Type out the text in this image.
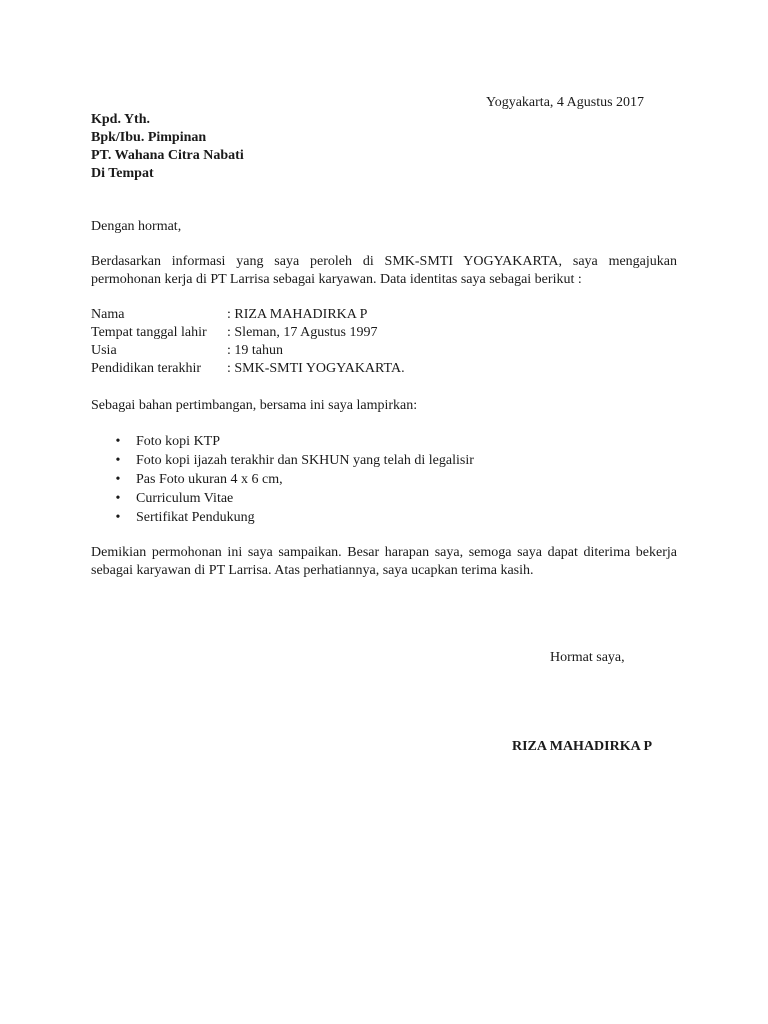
Yogyakarta, 4 Agustus 2017
Kpd. Yth.
Bpk/Ibu. Pimpinan
PT. Wahana Citra Nabati
Di Tempat
Dengan hormat,
Berdasarkan informasi yang saya peroleh di SMK-SMTI YOGYAKARTA, saya mengajukan permohonan kerja di PT Larrisa sebagai karyawan. Data identitas saya sebagai berikut :
Nama	: RIZA MAHADIRKA P
Tempat tanggal lahir	: Sleman, 17 Agustus 1997
Usia	: 19 tahun
Pendidikan terakhir	: SMK-SMTI YOGYAKARTA.
Sebagai bahan pertimbangan, bersama ini saya lampirkan:
• Foto kopi KTP
• Foto kopi ijazah terakhir dan SKHUN yang telah di legalisir
• Pas Foto ukuran 4 x 6 cm,
• Curriculum Vitae
• Sertifikat Pendukung
Demikian permohonan ini saya sampaikan. Besar harapan saya, semoga saya dapat diterima bekerja sebagai karyawan di PT Larrisa. Atas perhatiannya, saya ucapkan terima kasih.
Hormat saya,
RIZA MAHADIRKA P
